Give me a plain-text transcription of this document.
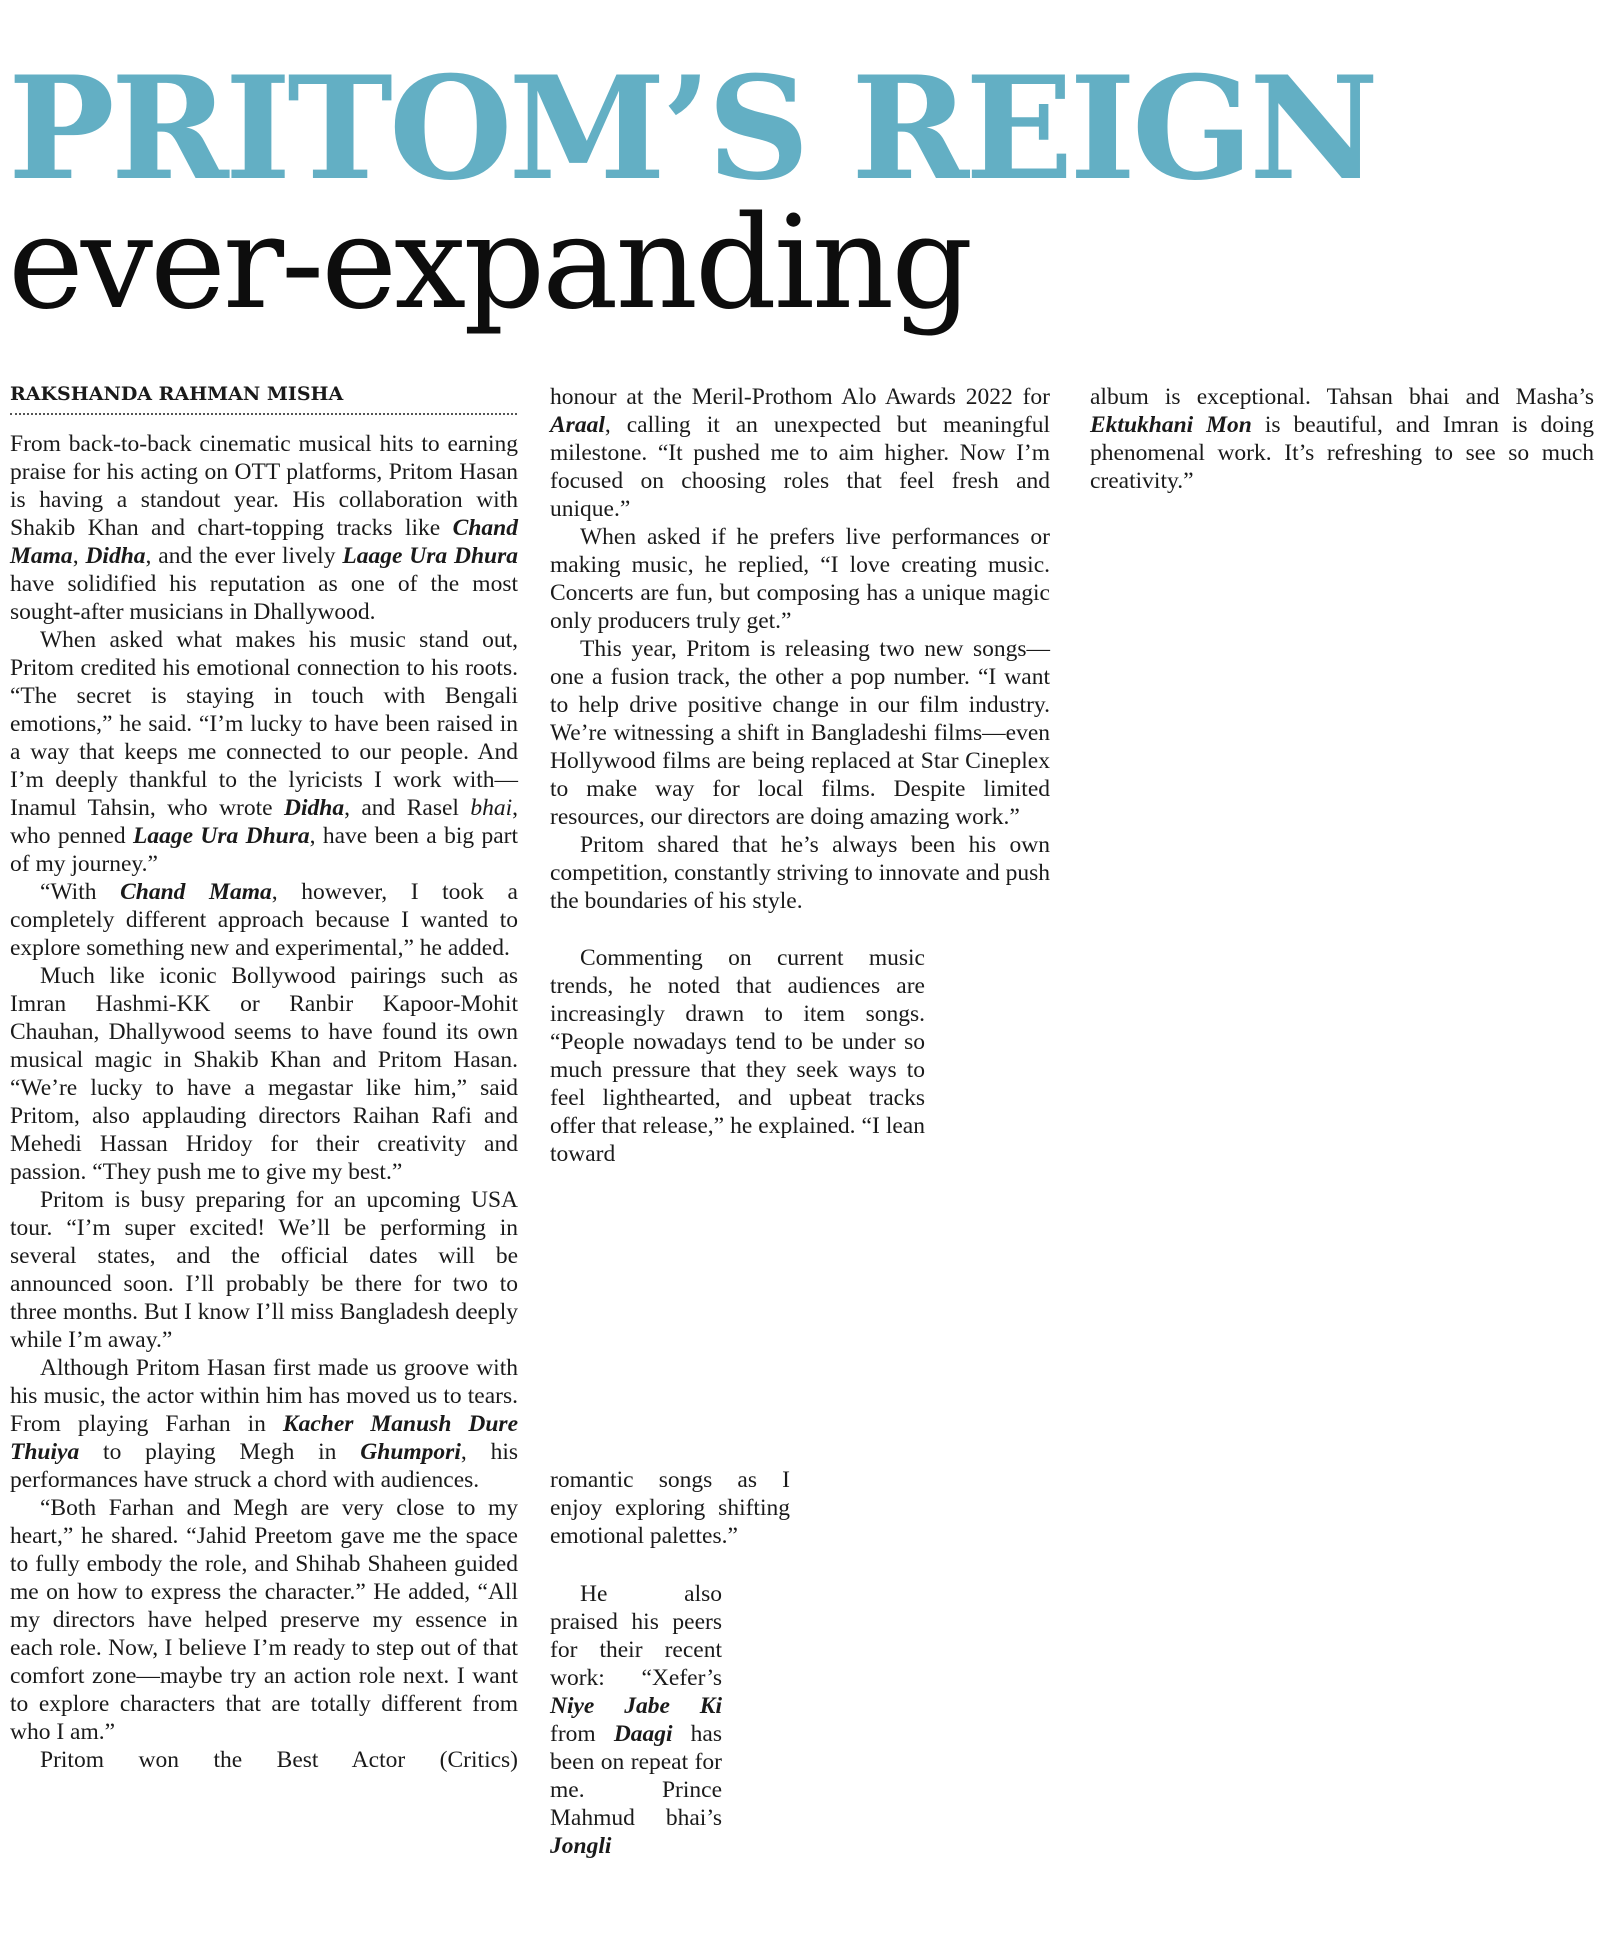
PRITOM’S REIGN
ever-expanding
RAKSHANDA RAHMAN MISHA

From back-to-back cinematic musical hits to earning praise for his acting on OTT platforms, Pritom Hasan is having a standout year. His collaboration with Shakib Khan and chart-topping tracks like Chand Mama, Didha, and the ever lively Laage Ura Dhura have solidified his reputation as one of the most sought-after musicians in Dhallywood.

When asked what makes his music stand out, Pritom credited his emotional connection to his roots. “The secret is staying in touch with Bengali emotions,” he said. “I’m lucky to have been raised in a way that keeps me connected to our people. And I’m deeply thankful to the lyricists I work with—Inamul Tahsin, who wrote Didha, and Rasel bhai, who penned Laage Ura Dhura, have been a big part of my journey.”

“With Chand Mama, however, I took a completely different approach because I wanted to explore something new and experimental,” he added.

Much like iconic Bollywood pairings such as Imran Hashmi-KK or Ranbir Kapoor-Mohit Chauhan, Dhallywood seems to have found its own musical magic in Shakib Khan and Pritom Hasan. “We’re lucky to have a megastar like him,” said Pritom, also applauding directors Raihan Rafi and Mehedi Hassan Hridoy for their creativity and passion. “They push me to give my best.”

Pritom is busy preparing for an upcoming USA tour. “I’m super excited! We’ll be performing in several states, and the official dates will be announced soon. I’ll probably be there for two to three months. But I know I’ll miss Bangladesh deeply while I’m away.”

Although Pritom Hasan first made us groove with his music, the actor within him has moved us to tears. From playing Farhan in Kacher Manush Dure Thuiya to playing Megh in Ghumpori, his performances have struck a chord with audiences.

“Both Farhan and Megh are very close to my heart,” he shared. “Jahid Preetom gave me the space to fully embody the role, and Shihab Shaheen guided me on how to express the character.” He added, “All my directors have helped preserve my essence in each role. Now, I believe I’m ready to step out of that comfort zone—maybe try an action role next. I want to explore characters that are totally different from who I am.”

Pritom won the Best Actor (Critics)

honour at the Meril-Prothom Alo Awards 2022 for Araal, calling it an unexpected but meaningful milestone. “It pushed me to aim higher. Now I’m focused on choosing roles that feel fresh and unique.”

When asked if he prefers live performances or making music, he replied, “I love creating music. Concerts are fun, but composing has a unique magic only producers truly get.”

This year, Pritom is releasing two new songs—one a fusion track, the other a pop number. “I want to help drive positive change in our film industry. We’re witnessing a shift in Bangladeshi films—even Hollywood films are being replaced at Star Cineplex to make way for local films. Despite limited resources, our directors are doing amazing work.”

Pritom shared that he’s always been his own competition, constantly striving to innovate and push the boundaries of his style.

Commenting on current music trends, he noted that audiences are increasingly drawn to item songs. “People nowadays tend to be under so much pressure that they seek ways to feel lighthearted, and upbeat tracks offer that release,” he explained. “I lean toward

romantic songs as I enjoy exploring shifting emotional palettes.”

He also praised his peers for their recent work: “Xefer’s Niye Jabe Ki from Daagi has been on repeat for me. Prince Mahmud bhai’s Jongli

album is exceptional. Tahsan bhai and Masha’s Ektukhani Mon is beautiful, and Imran is doing phenomenal work. It’s refreshing to see so much creativity.”
